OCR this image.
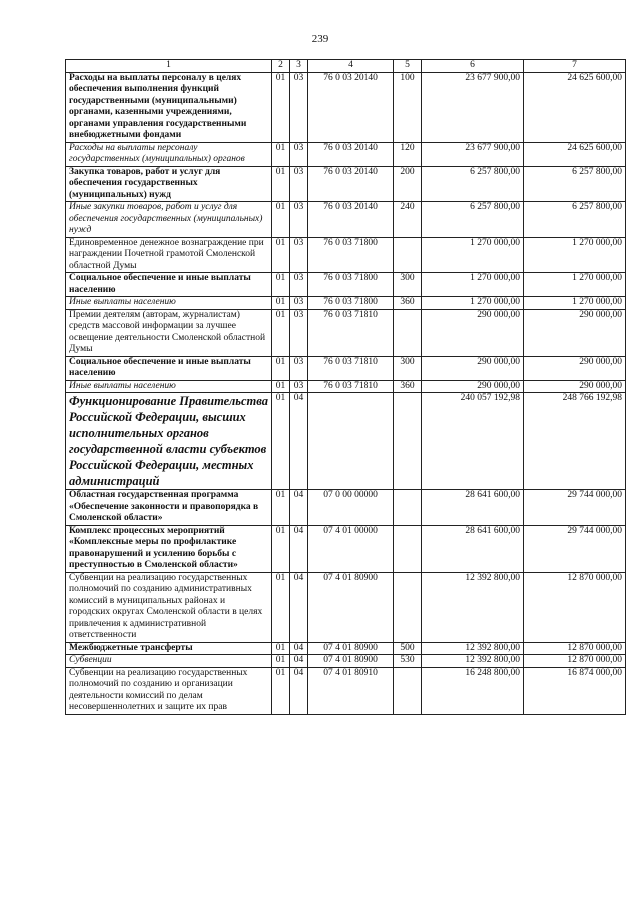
239
1	2	3	4	5	6	7
Расходы на выплаты персоналу в целях обеспечения выполнения функций государственными (муниципальными) органами, казенными учреждениями, органами управления государственными внебюджетными фондами	01	03	76 0 03 20140	100	23 677 900,00	24 625 600,00
Расходы на выплаты персоналу государственных (муниципальных) органов	01	03	76 0 03 20140	120	23 677 900,00	24 625 600,00
Закупка товаров, работ и услуг для обеспечения государственных (муниципальных) нужд	01	03	76 0 03 20140	200	6 257 800,00	6 257 800,00
Иные закупки товаров, работ и услуг для обеспечения государственных (муниципальных) нужд	01	03	76 0 03 20140	240	6 257 800,00	6 257 800,00
Единовременное денежное вознаграждение при награждении Почетной грамотой Смоленской областной Думы	01	03	76 0 03 71800		1 270 000,00	1 270 000,00
Социальное обеспечение и иные выплаты населению	01	03	76 0 03 71800	300	1 270 000,00	1 270 000,00
Иные выплаты населению	01	03	76 0 03 71800	360	1 270 000,00	1 270 000,00
Премии деятелям (авторам, журналистам) средств массовой информации за лучшее освещение деятельности Смоленской областной Думы	01	03	76 0 03 71810		290 000,00	290 000,00
Социальное обеспечение и иные выплаты населению	01	03	76 0 03 71810	300	290 000,00	290 000,00
Иные выплаты населению	01	03	76 0 03 71810	360	290 000,00	290 000,00
Функционирование Правительства Российской Федерации, высших исполнительных органов государственной власти субъектов Российской Федерации, местных администраций	01	04			240 057 192,98	248 766 192,98
Областная государственная программа «Обеспечение законности и правопорядка в Смоленской области»	01	04	07 0 00 00000		28 641 600,00	29 744 000,00
Комплекс процессных мероприятий «Комплексные меры по профилактике правонарушений и усилению борьбы с преступностью в Смоленской области»	01	04	07 4 01 00000		28 641 600,00	29 744 000,00
Субвенции на реализацию государственных полномочий по созданию административных комиссий в муниципальных районах и городских округах Смоленской области в целях привлечения к административной ответственности	01	04	07 4 01 80900		12 392 800,00	12 870 000,00
Межбюджетные трансферты	01	04	07 4 01 80900	500	12 392 800,00	12 870 000,00
Субвенции	01	04	07 4 01 80900	530	12 392 800,00	12 870 000,00
Субвенции на реализацию государственных полномочий по созданию и организации деятельности комиссий по делам несовершеннолетних и защите их прав	01	04	07 4 01 80910		16 248 800,00	16 874 000,00
